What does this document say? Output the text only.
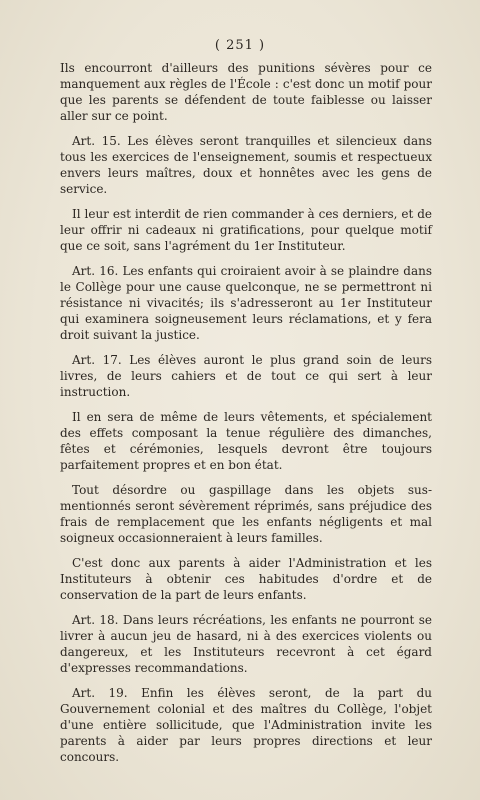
( 251 )

Ils encourront d'ailleurs des punitions sévères pour ce manquement aux règles de l'École : c'est donc un motif pour que les parents se défendent de toute faiblesse ou laisser aller sur ce point.

Art. 15. Les élèves seront tranquilles et silencieux dans tous les exercices de l'enseignement, soumis et respectueux envers leurs maîtres, doux et honnêtes avec les gens de service.

Il leur est interdit de rien commander à ces derniers, et de leur offrir ni cadeaux ni gratifications, pour quelque motif que ce soit, sans l'agrément du 1er Instituteur.

Art. 16. Les enfants qui croiraient avoir à se plaindre dans le Collège pour une cause quelconque, ne se permettront ni résistance ni vivacités; ils s'adresseront au 1er Instituteur qui examinera soigneusement leurs réclamations, et y fera droit suivant la justice.

Art. 17. Les élèves auront le plus grand soin de leurs livres, de leurs cahiers et de tout ce qui sert à leur instruction.

Il en sera de même de leurs vêtements, et spécialement des effets composant la tenue régulière des dimanches, fêtes et cérémonies, lesquels devront être toujours parfaitement propres et en bon état.

Tout désordre ou gaspillage dans les objets sus-mentionnés seront sévèrement réprimés, sans préjudice des frais de remplacement que les enfants négligents et mal soigneux occasionneraient à leurs familles.

C'est donc aux parents à aider l'Administration et les Instituteurs à obtenir ces habitudes d'ordre et de conservation de la part de leurs enfants.

Art. 18. Dans leurs récréations, les enfants ne pourront se livrer à aucun jeu de hasard, ni à des exercices violents ou dangereux, et les Instituteurs recevront à cet égard d'expresses recommandations.

Art. 19. Enfin les élèves seront, de la part du Gouvernement colonial et des maîtres du Collège, l'objet d'une entière sollicitude, que l'Administration invite les parents à aider par leurs propres directions et leur concours.
